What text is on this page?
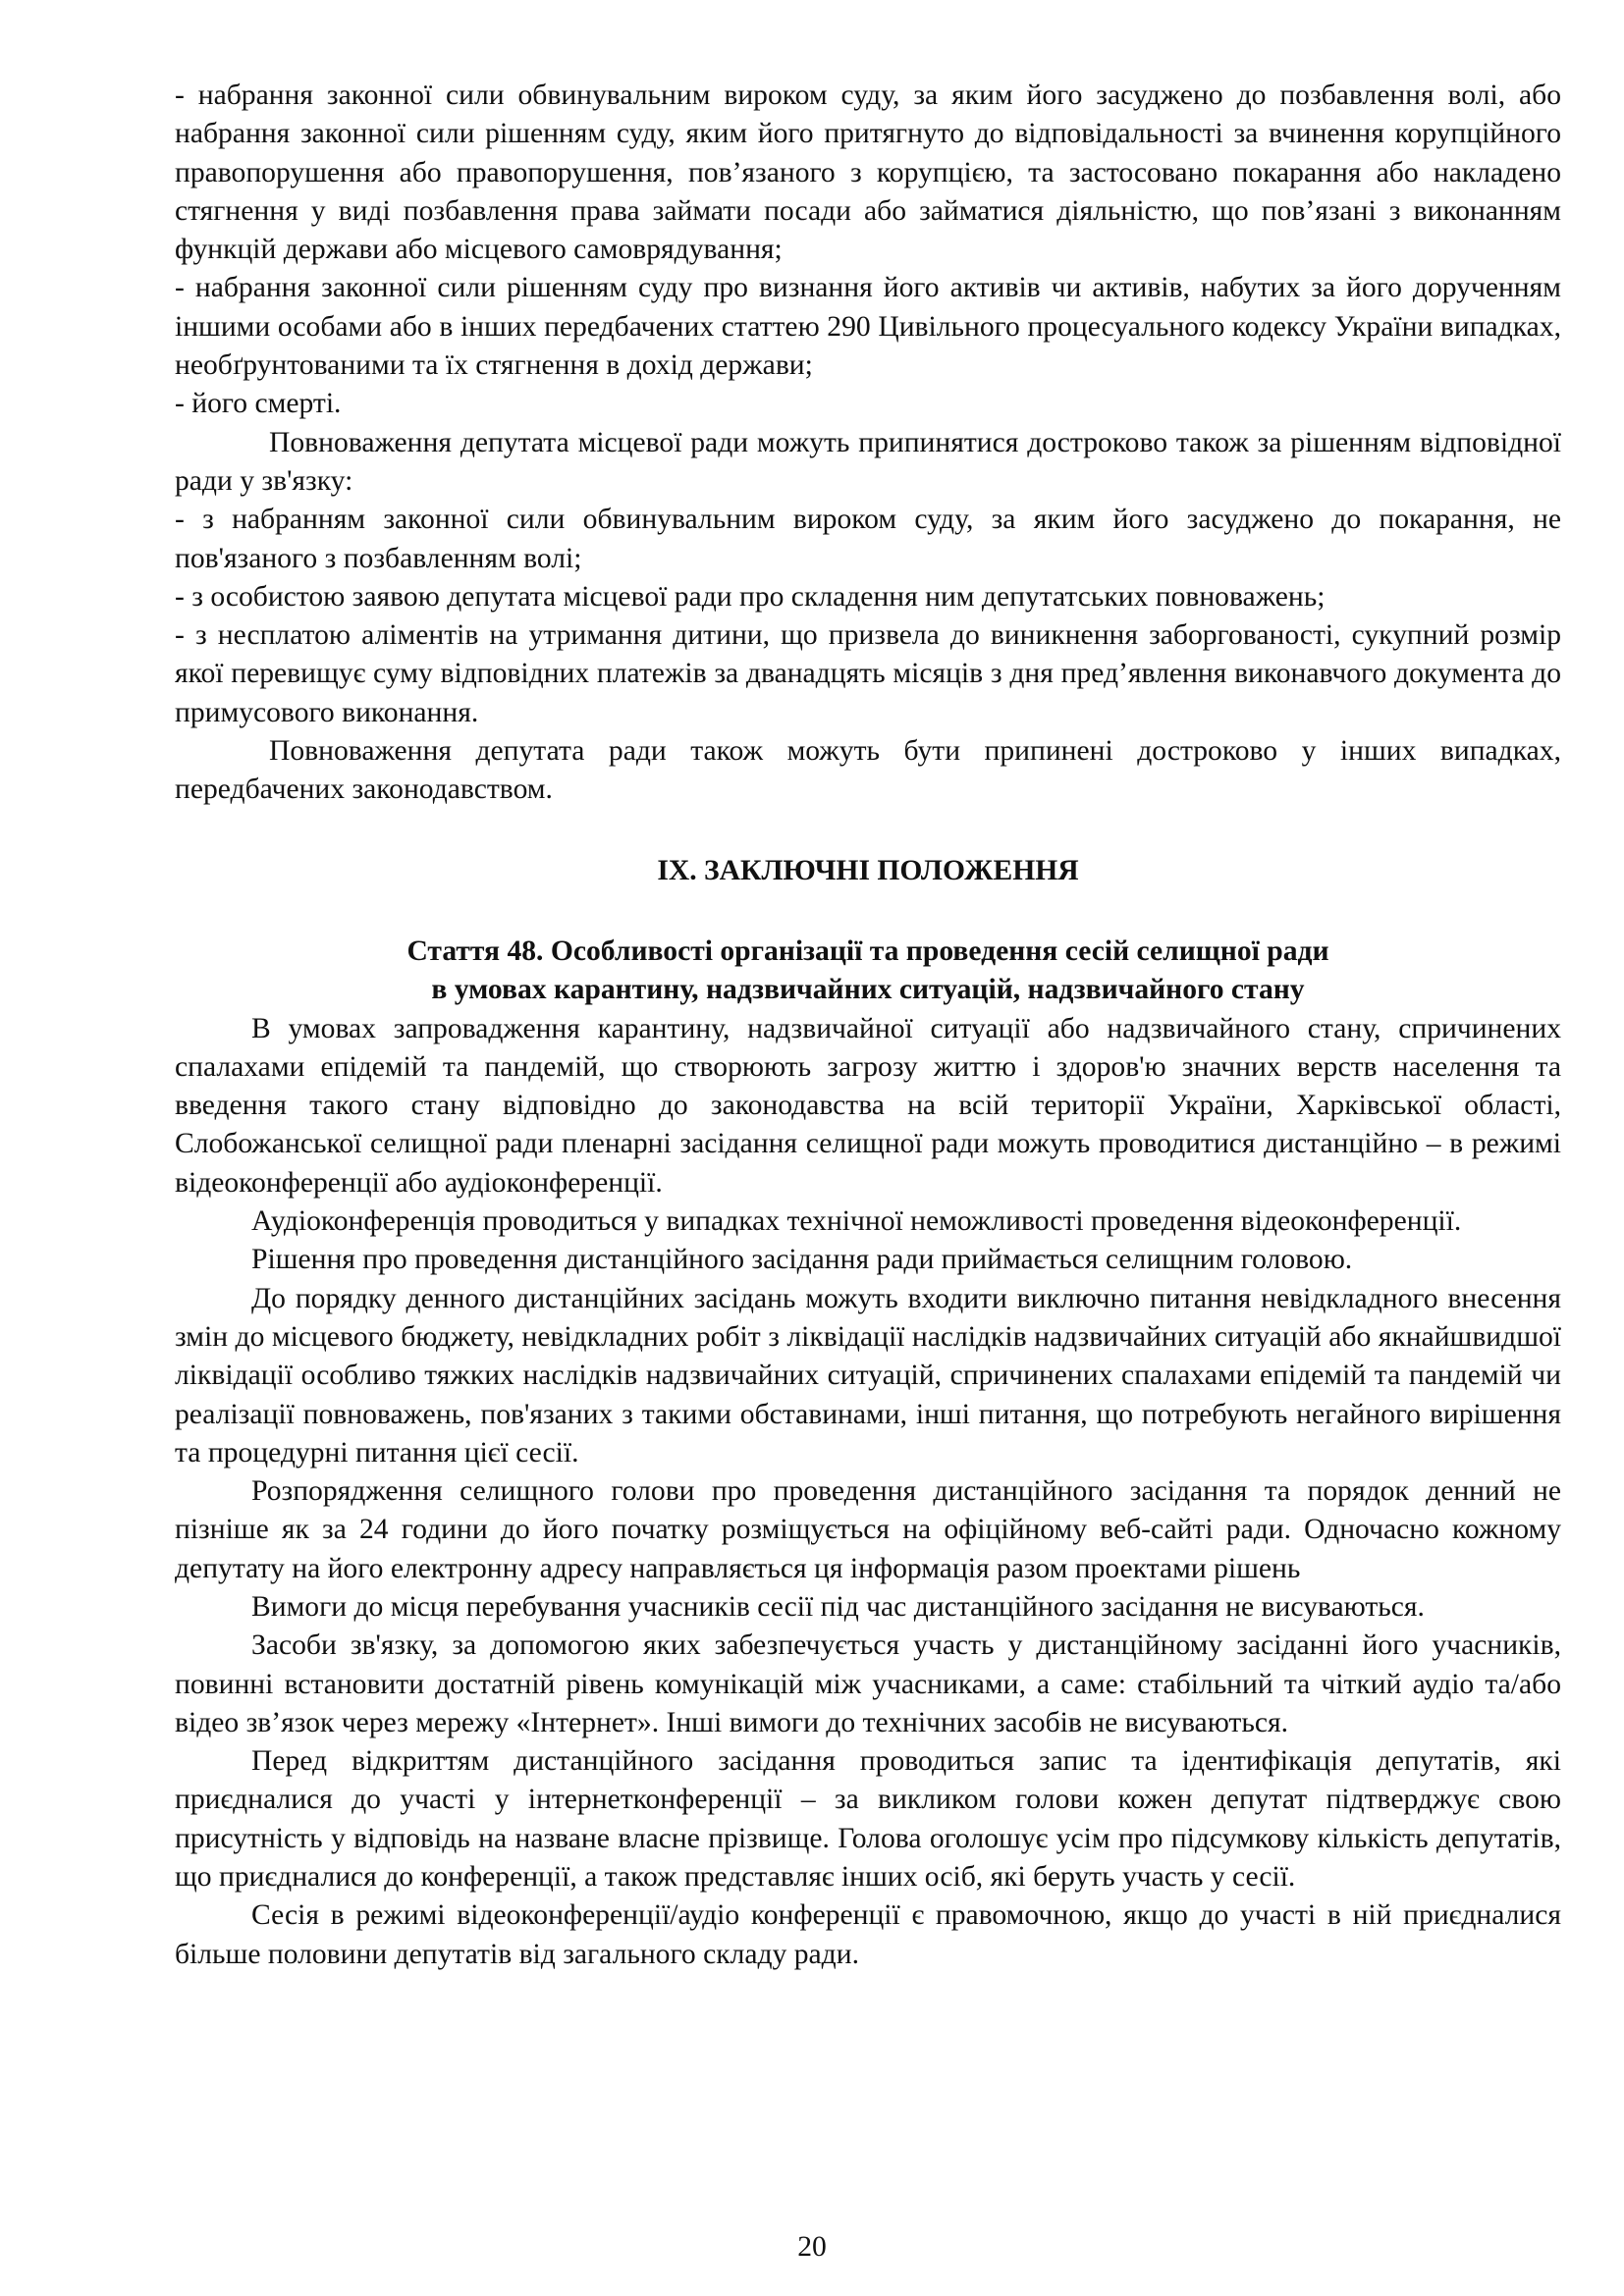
- набрання законної сили обвинувальним вироком суду, за яким його засуджено до позбавлення волі, або набрання законної сили рішенням суду, яким його притягнуто до відповідальності за вчинення корупційного правопорушення або правопорушення, пов’язаного з корупцією, та застосовано покарання або накладено стягнення у виді позбавлення права займати посади або займатися діяльністю, що пов’язані з виконанням функцій держави або місцевого самоврядування;

- набрання законної сили рішенням суду про визнання його активів чи активів, набутих за його дорученням іншими особами або в інших передбачених статтею 290 Цивільного процесуального кодексу України випадках, необґрунтованими та їх стягнення в дохід держави;

- його смерті.

Повноваження депутата місцевої ради можуть припинятися достроково також за рішенням відповідної ради у зв'язку:

- з набранням законної сили обвинувальним вироком суду, за яким його засуджено до покарання, не пов'язаного з позбавленням волі;

- з особистою заявою депутата місцевої ради про складення ним депутатських повноважень;

- з несплатою аліментів на утримання дитини, що призвела до виникнення заборгованості, сукупний розмір якої перевищує суму відповідних платежів за дванадцять місяців з дня пред’явлення виконавчого документа до примусового виконання.

Повноваження депутата ради також можуть бути припинені достроково у інших випадках, передбачених законодавством.

IX. ЗАКЛЮЧНІ ПОЛОЖЕННЯ

Стаття 48. Особливості організації та проведення сесій селищної ради

в умовах карантину, надзвичайних ситуацій, надзвичайного стану

В умовах запровадження карантину, надзвичайної ситуації або надзвичайного стану, спричинених спалахами епідемій та пандемій, що створюють загрозу життю і здоров'ю значних верств населення та введення такого стану відповідно до законодавства на всій території України, Харківської області, Слобожанської селищної ради пленарні засідання селищної ради можуть проводитися дистанційно – в режимі відеоконференції або аудіоконференції.

Аудіоконференція проводиться у випадках технічної неможливості проведення відеоконференції.

Рішення про проведення дистанційного засідання ради приймається селищним головою.

До порядку денного дистанційних засідань можуть входити виключно питання невідкладного внесення змін до місцевого бюджету, невідкладних робіт з ліквідації наслідків надзвичайних ситуацій або якнайшвидшої ліквідації особливо тяжких наслідків надзвичайних ситуацій, спричинених спалахами епідемій та пандемій чи реалізації повноважень, пов'язаних з такими обставинами, інші питання, що потребують негайного вирішення та процедурні питання цієї сесії.

Розпорядження селищного голови про проведення дистанційного засідання та порядок денний не пізніше як за 24 години до його початку розміщується на офіційному веб-сайті ради. Одночасно кожному депутату на його електронну адресу направляється ця інформація разом проектами рішень

Вимоги до місця перебування учасників сесії під час дистанційного засідання не висуваються.

Засоби зв'язку, за допомогою яких забезпечується участь у дистанційному засіданні його учасників, повинні встановити достатній рівень комунікацій між учасниками, а саме: стабільний та чіткий аудіо та/або відео зв’язок через мережу «Інтернет». Інші вимоги до технічних засобів не висуваються.

Перед відкриттям дистанційного засідання проводиться запис та ідентифікація депутатів, які приєдналися до участі у інтернетконференції – за викликом голови кожен депутат підтверджує свою присутність у відповідь на назване власне прізвище. Голова оголошує усім про підсумкову кількість депутатів, що приєдналися до конференції, а також представляє інших осіб, які беруть участь у сесії.

Сесія в режимі відеоконференції/аудіо конференції є правомочною, якщо до участі в ній приєдналися більше половини депутатів від загального складу ради.

20
